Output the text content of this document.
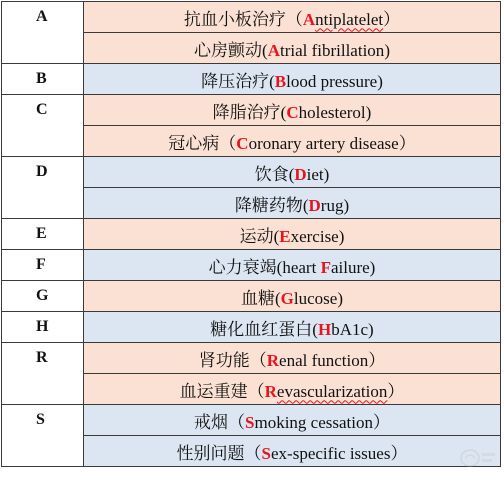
A	抗血小板治疗（Antiplatelet）
	心房颤动(Atrial fibrillation)
B	降压治疗(Blood pressure)
C	降脂治疗(Cholesterol)
	冠心病（Coronary artery disease）
D	饮食(Diet)
	降糖药物(Drug)
E	运动(Exercise)
F	心力衰竭(heart Failure)
G	血糖(Glucose)
H	糖化血红蛋白(HbA1c)
R	肾功能（Renal function）
	血运重建（Revascularization）
S	戒烟（Smoking cessation）
	性别问题（Sex-specific issues）
